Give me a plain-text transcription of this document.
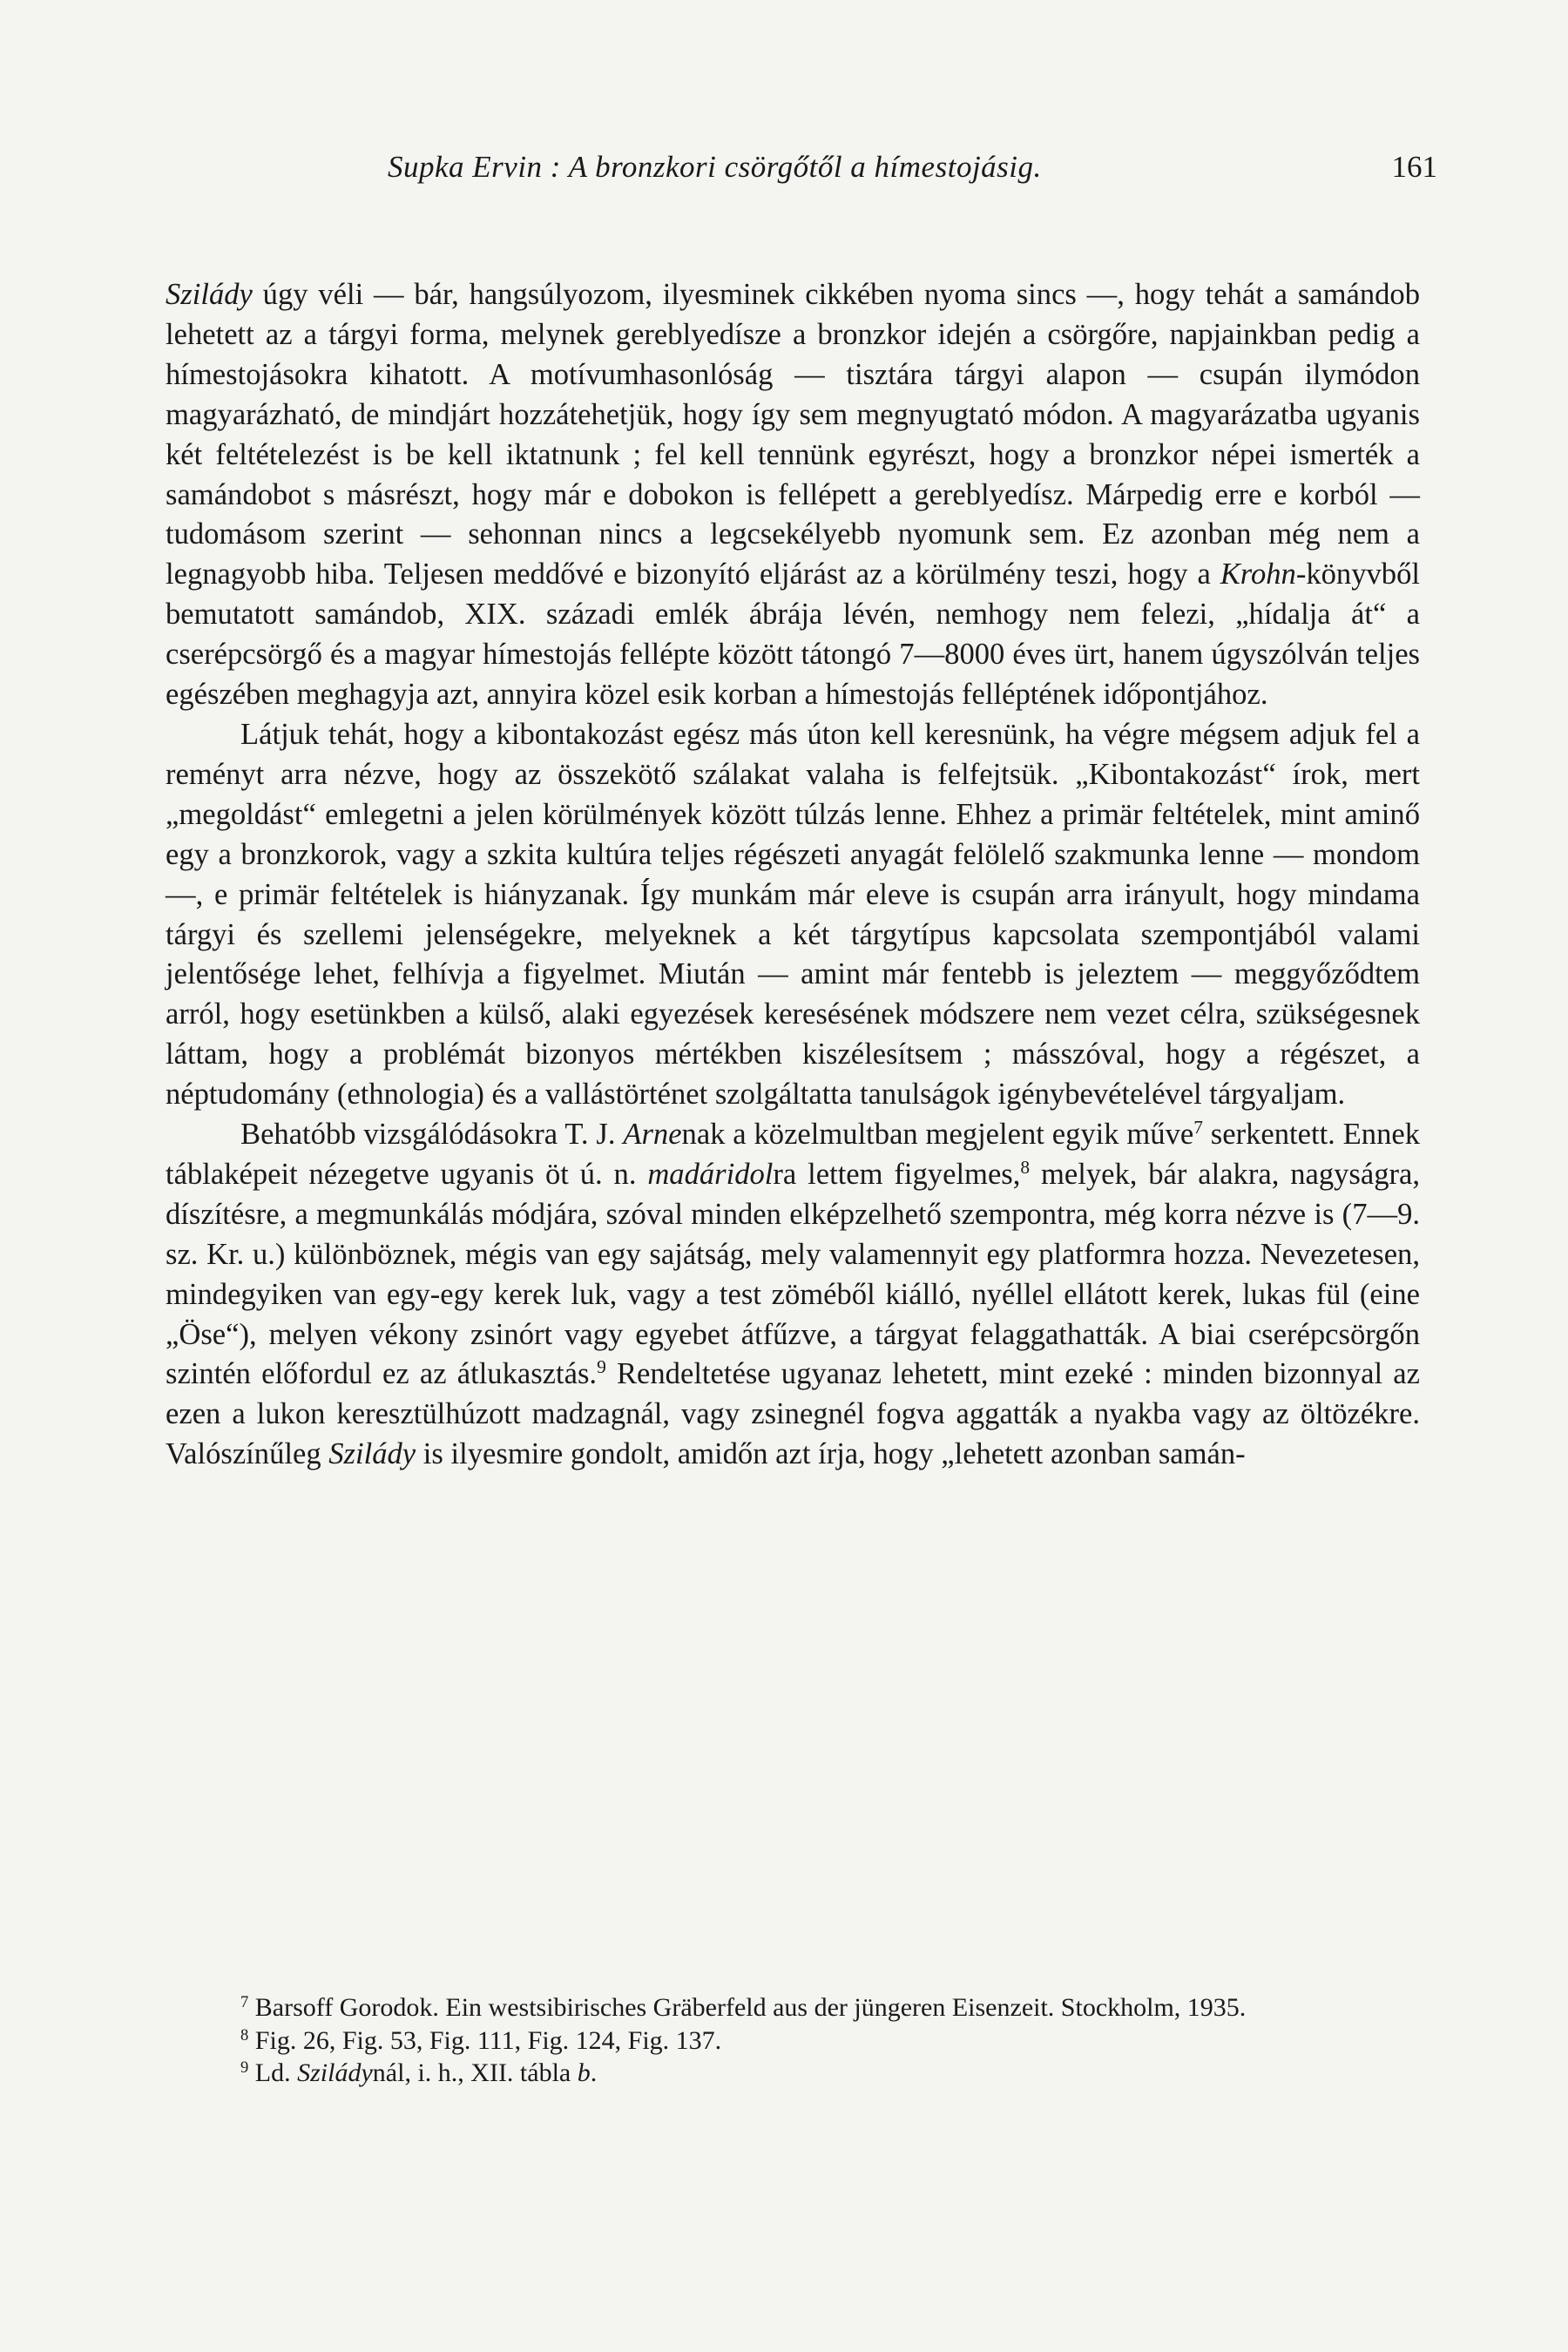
Supka Ervin : A bronzkori csörgőtől a hímestojásig.	161

Szilády úgy véli — bár, hangsúlyozom, ilyesminek cikkében nyoma sincs —, hogy tehát a samándob lehetett az a tárgyi forma, melynek gereblyedísze a bronzkor idején a csörgőre, napjainkban pedig a hímestojásokra kihatott. A motívumhasonlóság — tisztára tárgyi alapon — csupán ilymódon magyarázható, de mindjárt hozzátehetjük, hogy így sem megnyugtató módon. A magyarázatba ugyanis két feltételezést is be kell iktatnunk ; fel kell tennünk egyrészt, hogy a bronzkor népei ismerték a samándobot s másrészt, hogy már e dobokon is fellépett a gereblyedísz. Márpedig erre e korból — tudomásom szerint — sehonnan nincs a legcsekélyebb nyomunk sem. Ez azonban még nem a legnagyobb hiba. Teljesen meddővé e bizonyító eljárást az a körülmény teszi, hogy a Krohn-könyvből bemutatott samándob, XIX. századi emlék ábrája lévén, nemhogy nem felezi, „hídalja át“ a cserépcsörgő és a magyar hímestojás fellépte között tátongó 7—8000 éves ürt, hanem úgyszólván teljes egészében meghagyja azt, annyira közel esik korban a hímestojás felléptének időpontjához.

Látjuk tehát, hogy a kibontakozást egész más úton kell keresnünk, ha végre mégsem adjuk fel a reményt arra nézve, hogy az összekötő szálakat valaha is felfejtsük. „Kibontakozást“ írok, mert „megoldást“ emlegetni a jelen körülmények között túlzás lenne. Ehhez a primär feltételek, mint aminő egy a bronzkorok, vagy a szkita kultúra teljes régészeti anyagát felölelő szakmunka lenne — mondom —, e primär feltételek is hiányzanak. Így munkám már eleve is csupán arra irányult, hogy mindama tárgyi és szellemi jelenségekre, melyeknek a két tárgytípus kapcsolata szempontjából valami jelentősége lehet, felhívja a figyelmet. Miután — amint már fentebb is jeleztem — meggyőződtem arról, hogy esetünkben a külső, alaki egyezések keresésének módszere nem vezet célra, szükségesnek láttam, hogy a problémát bizonyos mértékben kiszélesítsem ; másszóval, hogy a régészet, a néptudomány (ethnologia) és a vallástörténet szolgáltatta tanulságok igénybevételével tárgyaljam.

Behatóbb vizsgálódásokra T. J. Arnenak a közelmultban megjelent egyik műve$^7$ serkentett. Ennek táblaképeit nézegetve ugyanis öt ú. n. madáridolra lettem figyelmes,$^8$ melyek, bár alakra, nagyságra, díszítésre, a megmunkálás módjára, szóval minden elképzelhető szempontra, még korra nézve is (7—9. sz. Kr. u.) különböznek, mégis van egy sajátság, mely valamennyit egy platformra hozza. Nevezetesen, mindegyiken van egy-egy kerek luk, vagy a test zöméből kiálló, nyéllel ellátott kerek, lukas fül (eine „Öse“), melyen vékony zsinórt vagy egyebet átfűzve, a tárgyat felaggathatták. A biai cserépcsörgőn szintén előfordul ez az átlukasztás.$^9$ Rendeltetése ugyanaz lehetett, mint ezeké : minden bizonnyal az ezen a lukon keresztülhúzott madzagnál, vagy zsinegnél fogva aggatták a nyakba vagy az öltözékre. Valószínűleg Szilády is ilyesmire gondolt, amidőn azt írja, hogy „lehetett azonban samán-

$^7$ Barsoff Gorodok. Ein westsibirisches Gräberfeld aus der jüngeren Eisenzeit. Stockholm, 1935.

$^8$ Fig. 26, Fig. 53, Fig. 111, Fig. 124, Fig. 137.

$^9$ Ld. Sziládynál, i. h., XII. tábla b.
